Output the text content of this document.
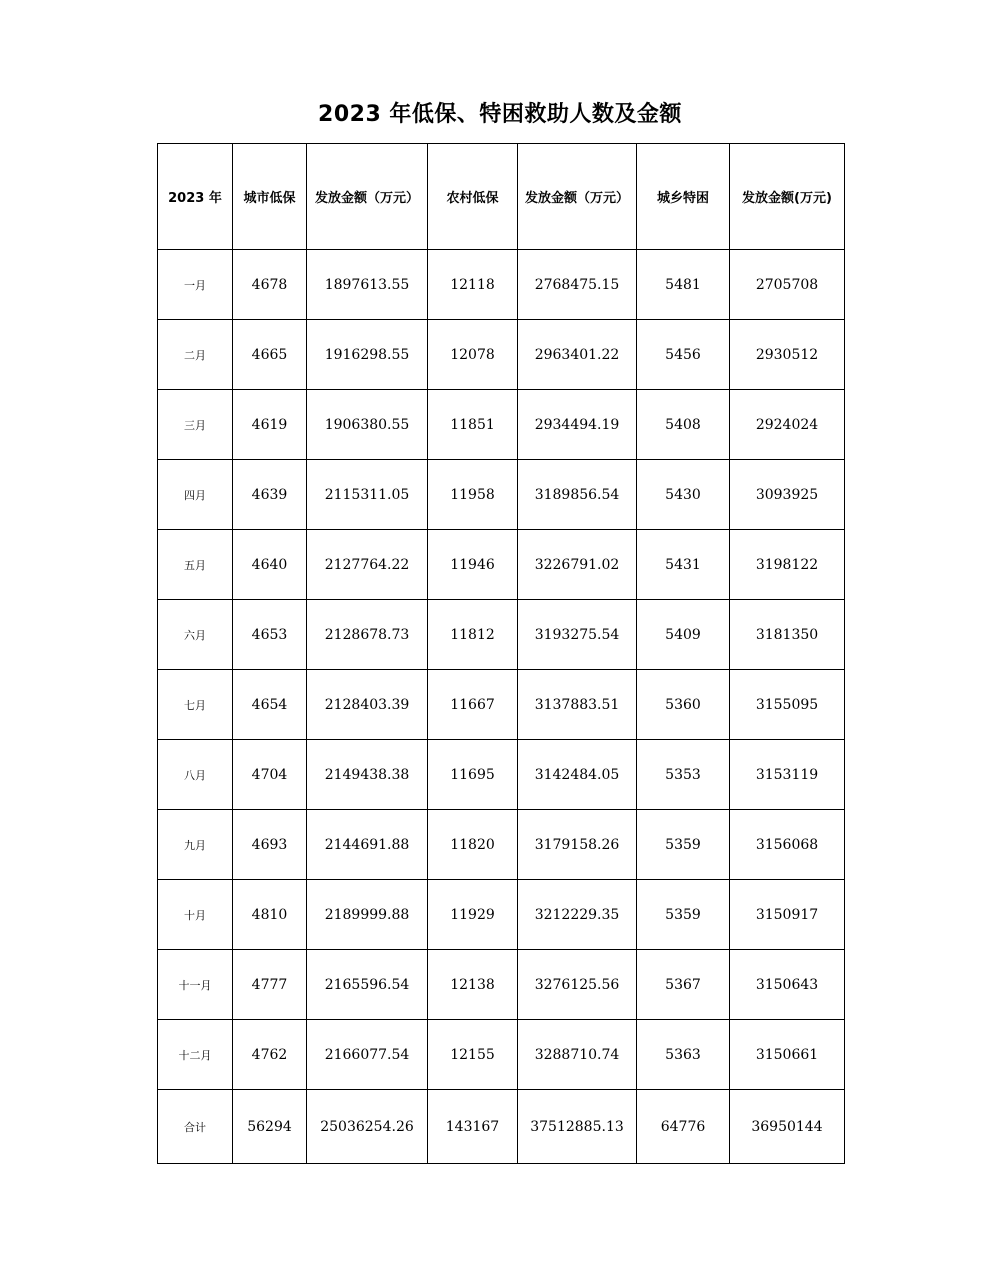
2023 年低保、特困救助人数及金额
2023 年	城市低保	发放金额（万元）	农村低保	发放金额（万元）	城乡特困	发放金额(万元)
一月	4678	1897613.55	12118	2768475.15	5481	2705708
二月	4665	1916298.55	12078	2963401.22	5456	2930512
三月	4619	1906380.55	11851	2934494.19	5408	2924024
四月	4639	2115311.05	11958	3189856.54	5430	3093925
五月	4640	2127764.22	11946	3226791.02	5431	3198122
六月	4653	2128678.73	11812	3193275.54	5409	3181350
七月	4654	2128403.39	11667	3137883.51	5360	3155095
八月	4704	2149438.38	11695	3142484.05	5353	3153119
九月	4693	2144691.88	11820	3179158.26	5359	3156068
十月	4810	2189999.88	11929	3212229.35	5359	3150917
十一月	4777	2165596.54	12138	3276125.56	5367	3150643
十二月	4762	2166077.54	12155	3288710.74	5363	3150661
合计	56294	25036254.26	143167	37512885.13	64776	36950144
